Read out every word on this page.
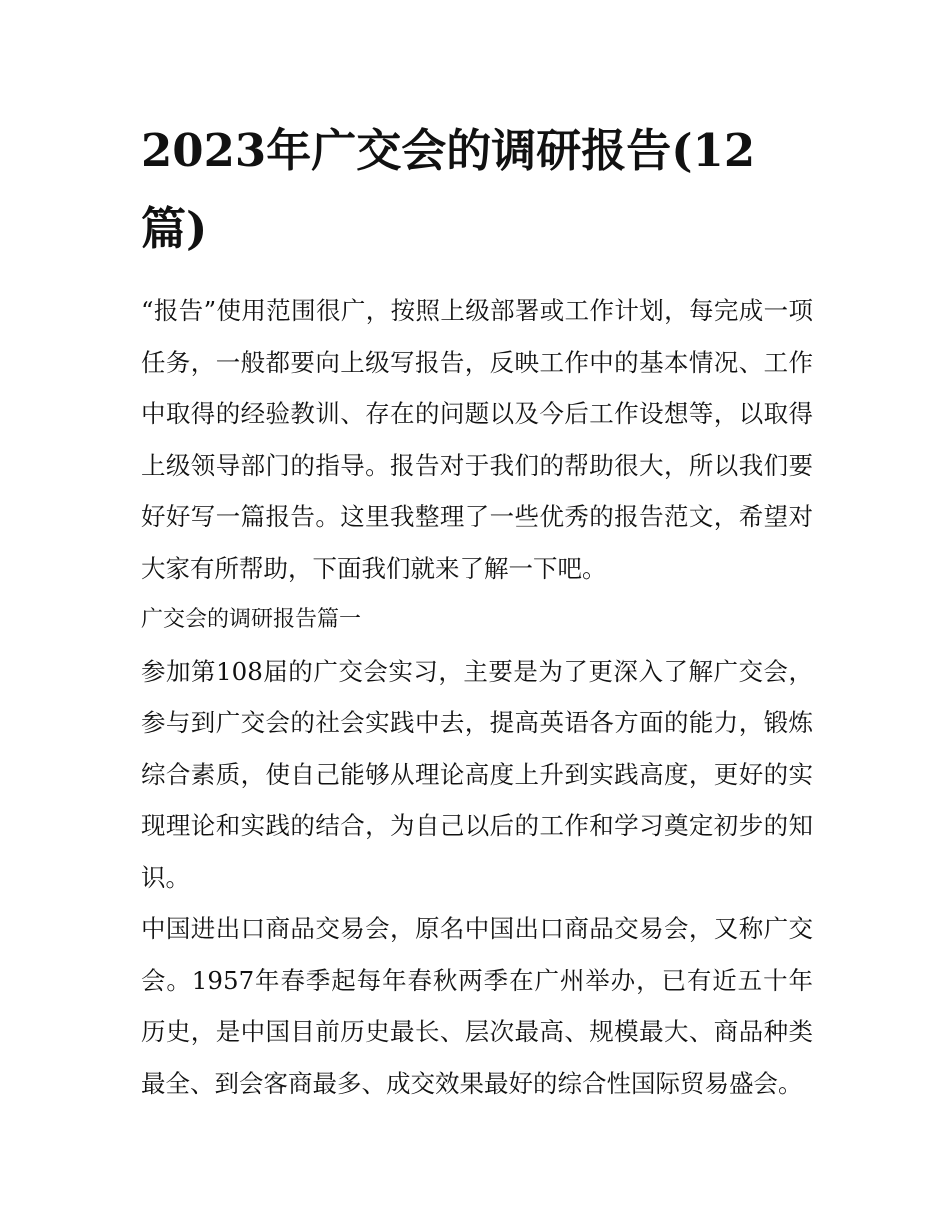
2023年广交会的调研报告(12篇)

“报告”使用范围很广，按照上级部署或工作计划，每完成一项任务，一般都要向上级写报告，反映工作中的基本情况、工作中取得的经验教训、存在的问题以及今后工作设想等，以取得上级领导部门的指导。报告对于我们的帮助很大，所以我们要好好写一篇报告。这里我整理了一些优秀的报告范文，希望对大家有所帮助，下面我们就来了解一下吧。

广交会的调研报告篇一

参加第108届的广交会实习，主要是为了更深入了解广交会，参与到广交会的社会实践中去，提高英语各方面的能力，锻炼综合素质，使自己能够从理论高度上升到实践高度，更好的实现理论和实践的结合，为自己以后的工作和学习奠定初步的知识。

中国进出口商品交易会，原名中国出口商品交易会，又称广交会。1957年春季起每年春秋两季在广州举办，已有近五十年历史，是中国目前历史最长、层次最高、规模最大、商品种类最全、到会客商最多、成交效果最好的综合性国际贸易盛会。
